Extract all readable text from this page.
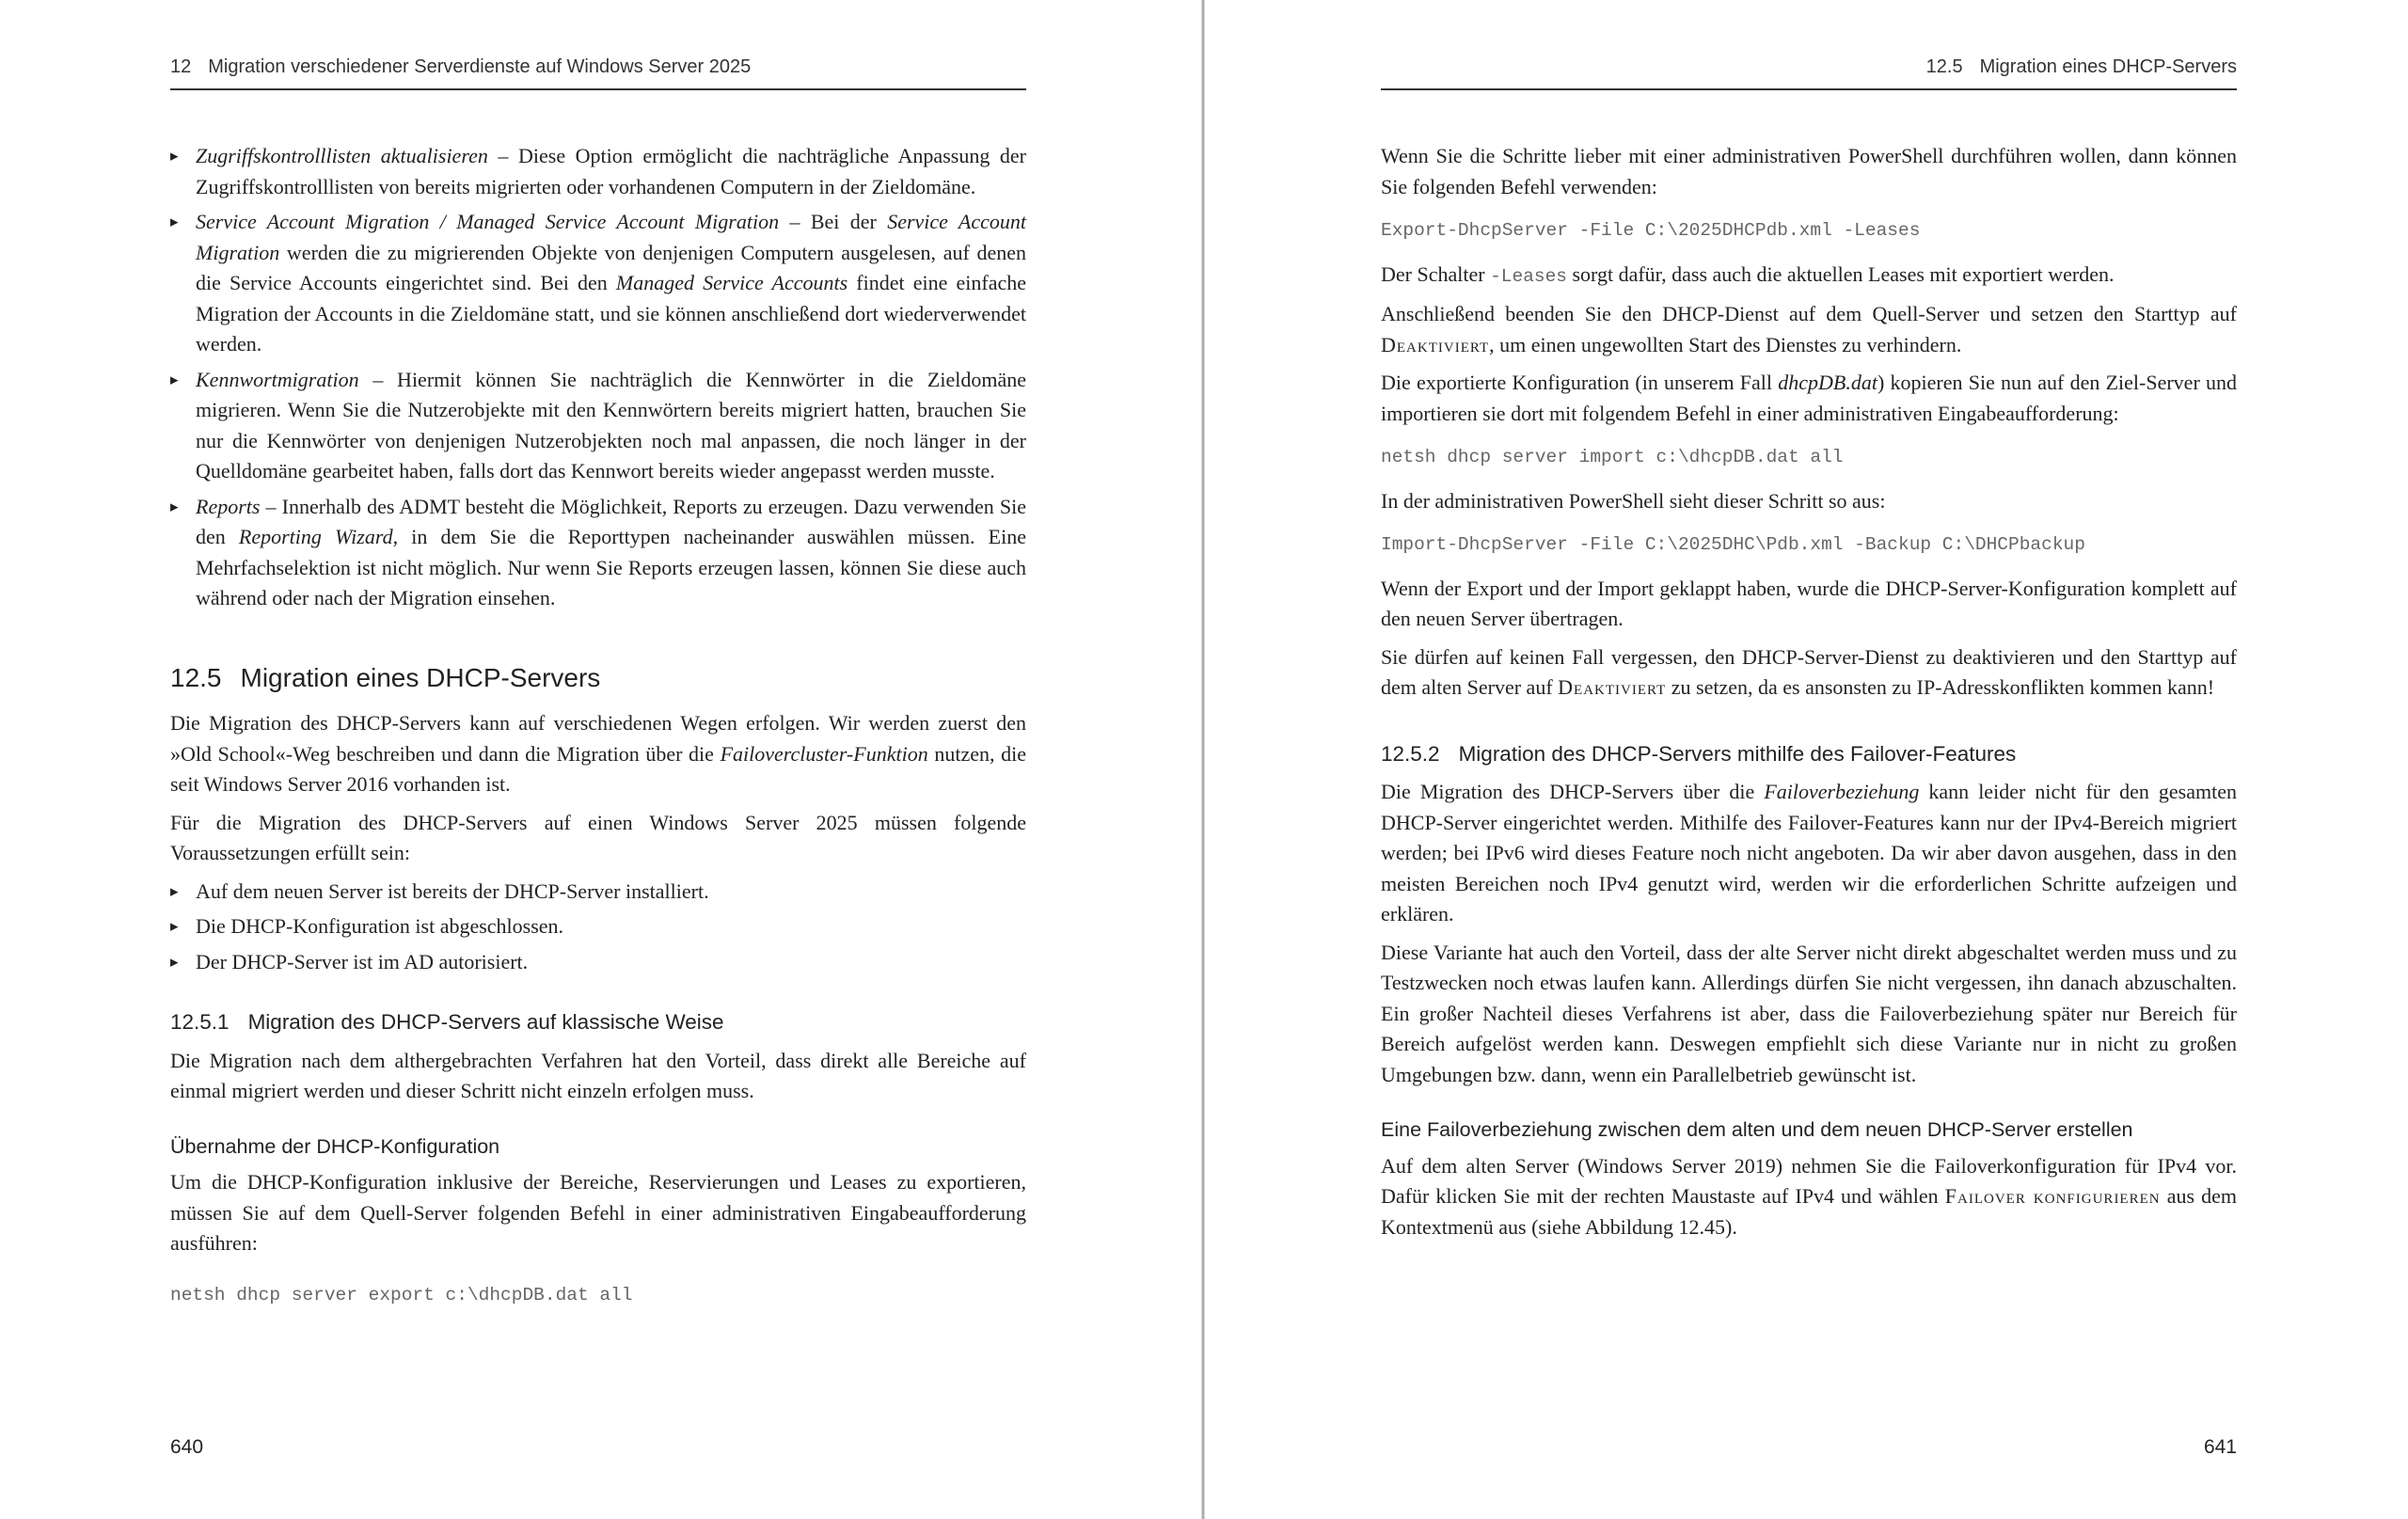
12 Migration verschiedener Serverdienste auf Windows Server 2025
▸ Zugriffskontrolllisten aktualisieren – Diese Option ermöglicht die nachträgliche Anpassung der Zugriffskontrolllisten von bereits migrierten oder vorhandenen Computern in der Zieldomäne.
▸ Service Account Migration / Managed Service Account Migration – Bei der Service Account Migration werden die zu migrierenden Objekte von denjenigen Computern ausgelesen, auf denen die Service Accounts eingerichtet sind. Bei den Managed Service Accounts findet eine einfache Migration der Accounts in die Zieldomäne statt, und sie können anschließend dort wiederverwendet werden.
▸ Kennwortmigration – Hiermit können Sie nachträglich die Kennwörter in die Zieldomäne migrieren. Wenn Sie die Nutzerobjekte mit den Kennwörtern bereits migriert hatten, brauchen Sie nur die Kennwörter von denjenigen Nutzerobjekten noch mal anpassen, die noch länger in der Quelldomäne gearbeitet haben, falls dort das Kennwort bereits wieder angepasst werden musste.
▸ Reports – Innerhalb des ADMT besteht die Möglichkeit, Reports zu erzeugen. Dazu verwenden Sie den Reporting Wizard, in dem Sie die Reporttypen nacheinander auswählen müssen. Eine Mehrfachselektion ist nicht möglich. Nur wenn Sie Reports erzeugen lassen, können Sie diese auch während oder nach der Migration einsehen.
12.5 Migration eines DHCP-Servers

Die Migration des DHCP-Servers kann auf verschiedenen Wegen erfolgen. Wir werden zuerst den »Old School«-Weg beschreiben und dann die Migration über die Failovercluster-Funktion nutzen, die seit Windows Server 2016 vorhanden ist.

Für die Migration des DHCP-Servers auf einen Windows Server 2025 müssen folgende Voraussetzungen erfüllt sein:

▸ Auf dem neuen Server ist bereits der DHCP-Server installiert.
▸ Die DHCP-Konfiguration ist abgeschlossen.
▸ Der DHCP-Server ist im AD autorisiert.
12.5.1 Migration des DHCP-Servers auf klassische Weise

Die Migration nach dem althergebrachten Verfahren hat den Vorteil, dass direkt alle Bereiche auf einmal migriert werden und dieser Schritt nicht einzeln erfolgen muss.

Übernahme der DHCP-Konfiguration

Um die DHCP-Konfiguration inklusive der Bereiche, Reservierungen und Leases zu exportieren, müssen Sie auf dem Quell-Server folgenden Befehl in einer administrativen Eingabeaufforderung ausführen:

netsh dhcp server export c:\dhcpDB.dat all
640
12.5 Migration eines DHCP-Servers

Wenn Sie die Schritte lieber mit einer administrativen PowerShell durchführen wollen, dann können Sie folgenden Befehl verwenden:

Export-DhcpServer -File C:\2025DHCPdb.xml -Leases

Der Schalter -Leases sorgt dafür, dass auch die aktuellen Leases mit exportiert werden.

Anschließend beenden Sie den DHCP-Dienst auf dem Quell-Server und setzen den Starttyp auf Deaktiviert, um einen ungewollten Start des Dienstes zu verhindern.

Die exportierte Konfiguration (in unserem Fall dhcpDB.dat) kopieren Sie nun auf den Ziel-Server und importieren sie dort mit folgendem Befehl in einer administrativen Eingabeaufforderung:

netsh dhcp server import c:\dhcpDB.dat all

In der administrativen PowerShell sieht dieser Schritt so aus:

Import-DhcpServer -File C:\2025DHC\Pdb.xml -Backup C:\DHCPbackup

Wenn der Export und der Import geklappt haben, wurde die DHCP-Server-Konfiguration komplett auf den neuen Server übertragen.

Sie dürfen auf keinen Fall vergessen, den DHCP-Server-Dienst zu deaktivieren und den Starttyp auf dem alten Server auf Deaktiviert zu setzen, da es ansonsten zu IP-Adresskonflikten kommen kann!

12.5.2 Migration des DHCP-Servers mithilfe des Failover-Features

Die Migration des DHCP-Servers über die Failoverbeziehung kann leider nicht für den gesamten DHCP-Server eingerichtet werden. Mithilfe des Failover-Features kann nur der IPv4-Bereich migriert werden; bei IPv6 wird dieses Feature noch nicht angeboten. Da wir aber davon ausgehen, dass in den meisten Bereichen noch IPv4 genutzt wird, werden wir die erforderlichen Schritte aufzeigen und erklären.

Diese Variante hat auch den Vorteil, dass der alte Server nicht direkt abgeschaltet werden muss und zu Testzwecken noch etwas laufen kann. Allerdings dürfen Sie nicht vergessen, ihn danach abzuschalten. Ein großer Nachteil dieses Verfahrens ist aber, dass die Failoverbeziehung später nur Bereich für Bereich aufgelöst werden kann. Deswegen empfiehlt sich diese Variante nur in nicht zu großen Umgebungen bzw. dann, wenn ein Parallelbetrieb gewünscht ist.

Eine Failoverbeziehung zwischen dem alten und dem neuen DHCP-Server erstellen

Auf dem alten Server (Windows Server 2019) nehmen Sie die Failoverkonfiguration für IPv4 vor. Dafür klicken Sie mit der rechten Maustaste auf IPv4 und wählen Failover konfigurieren aus dem Kontextmenü aus (siehe Abbildung 12.45).

641
